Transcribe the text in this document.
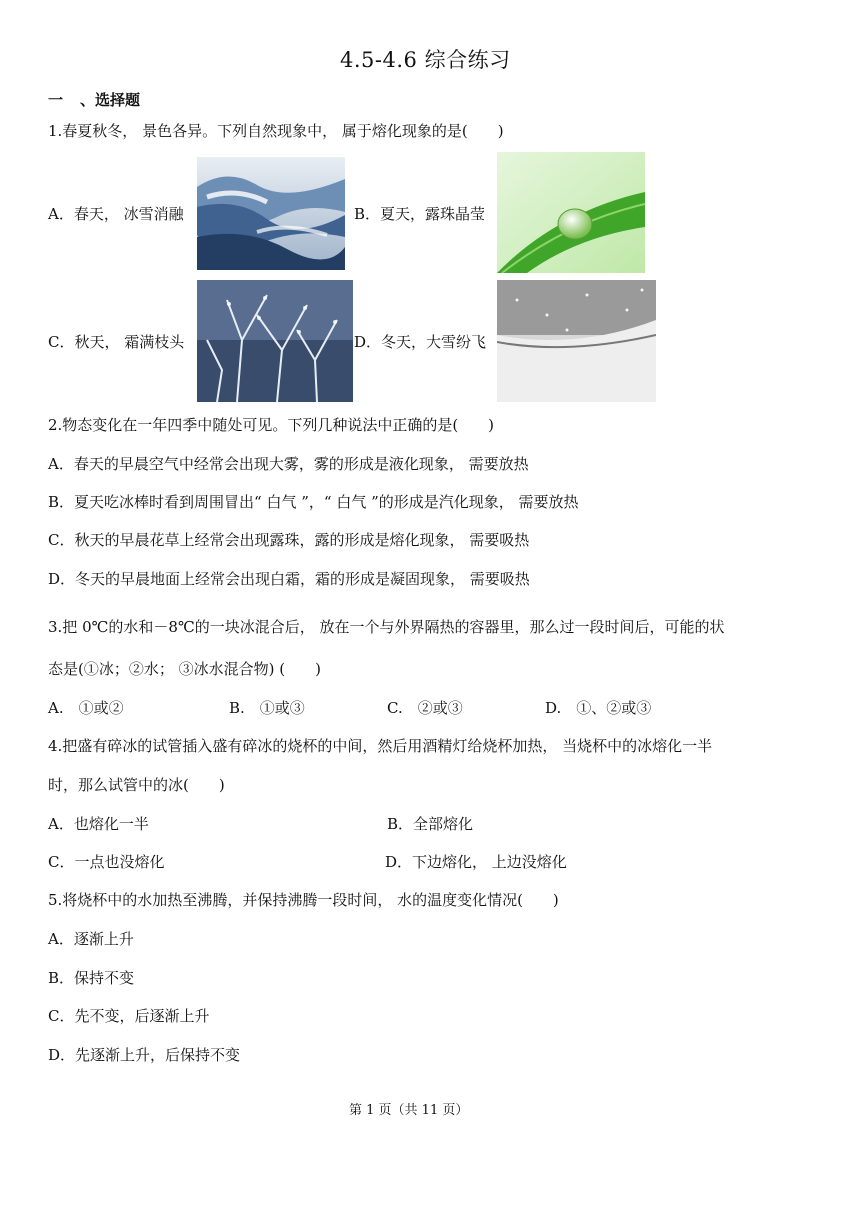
4.5-4.6 综合练习
一 、选择题
1.春夏秋冬， 景色各异。下列自然现象中， 属于熔化现象的是(　　)
A．春天， 冰雪消融	B．夏天，露珠晶莹
C．秋天， 霜满枝头	D．冬天，大雪纷飞
2.物态变化在一年四季中随处可见。下列几种说法中正确的是(　　)
A．春天的早晨空气中经常会出现大雾，雾的形成是液化现象， 需要放热
B．夏天吃冰棒时看到周围冒出“ 白气 ”，“ 白气 ”的形成是汽化现象， 需要放热
C．秋天的早晨花草上经常会出现露珠，露的形成是熔化现象， 需要吸热
D．冬天的早晨地面上经常会出现白霜，霜的形成是凝固现象， 需要吸热
3.把 0℃的水和－8℃的一块冰混合后， 放在一个与外界隔热的容器里，那么过一段时间后，可能的状
态是(①冰；②水； ③冰水混合物) (　　)
A.　①或②	B.　①或③	C.　②或③	D.　①、②或③
4.把盛有碎冰的试管插入盛有碎冰的烧杯的中间，然后用酒精灯给烧杯加热， 当烧杯中的冰熔化一半
时，那么试管中的冰(　　)
A．也熔化一半	B．全部熔化
C．一点也没熔化	D．下边熔化， 上边没熔化
5.将烧杯中的水加热至沸腾，并保持沸腾一段时间， 水的温度变化情况(　　)
A．逐渐上升
B．保持不变
C．先不变，后逐渐上升
D．先逐渐上升，后保持不变
第 1 页（共 11 页）
